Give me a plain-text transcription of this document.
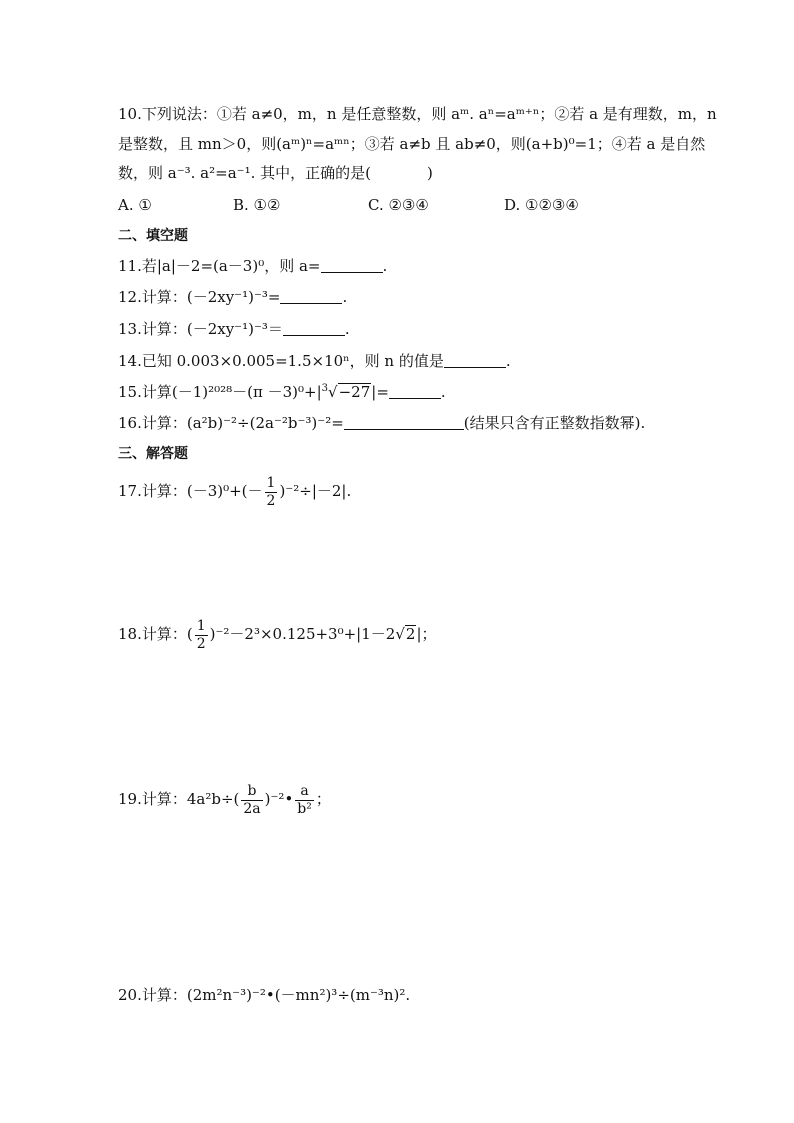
10.下列说法：①若 a≠0，m，n 是任意整数，则 aᵐ. aⁿ=aᵐ⁺ⁿ；②若 a 是有理数，m，n
是整数，且 mn＞0，则(aᵐ)ⁿ=aᵐⁿ；③若 a≠b 且 ab≠0，则(a+b)⁰=1；④若 a 是自然
数，则 a⁻³. a²=a⁻¹. 其中，正确的是(	)
A. ①	B. ①②	C. ②③④	D. ①②③④
二、填空题
11.若|a|－2=(a－3)⁰，则 a=	.
12.计算：(－2xy⁻¹)⁻³=	.
13.计算：(－2xy⁻¹)⁻³＝	.
14.已知 0.003×0.005=1.5×10ⁿ，则 n 的值是	.
15.计算$(-1)^{2028}-(\pi -3)^0+|^3√-27|=$	.
16.计算：(a²b)⁻²÷(2a⁻²b⁻³)⁻²=	(结果只含有正整数指数幂).
三、解答题
17.计算：$(-3)^0+(- \frac{1}{2} )^{-2}\div|-2|$.
18.计算：( $\frac{1}{2} )^{-2}-2^3\times 0.125+3^0+|1-2√2|$；
19.计算：$4a^2b\div( \frac{b}{2a}$ )⁻²• $\frac{a}{\text{b²}}$ ；
20.计算：(2m²n⁻³)⁻²•(－mn²)³÷(m⁻³n)².
